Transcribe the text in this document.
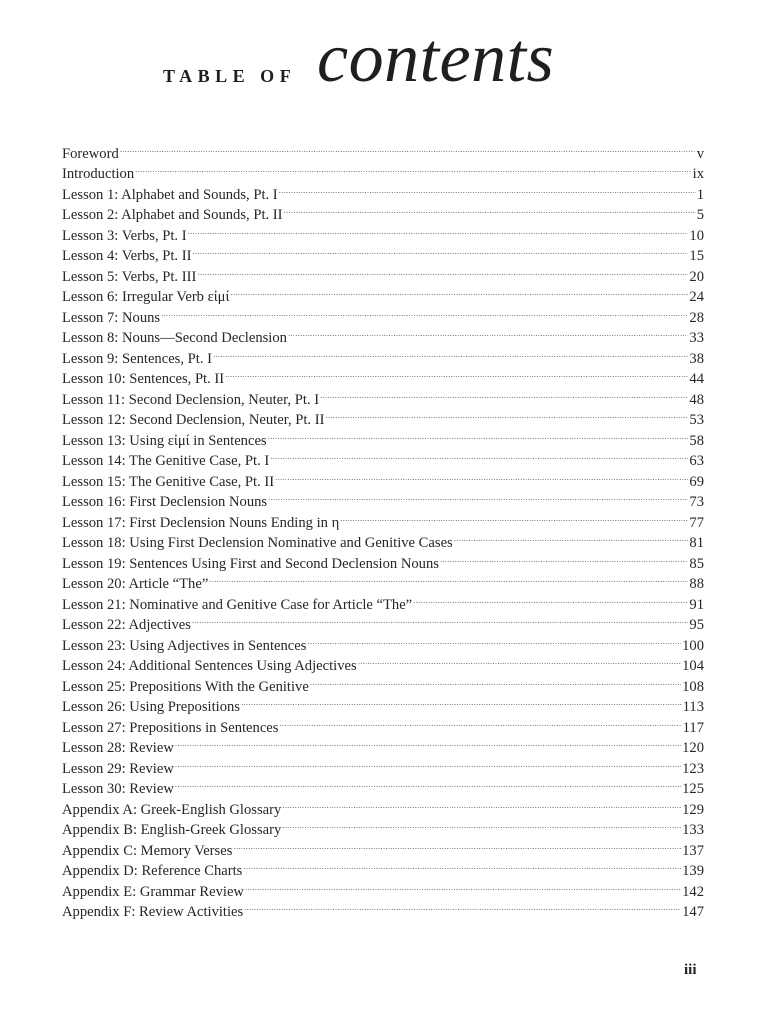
TABLE OF contents
Foreword .....	v
Introduction .....	ix
Lesson 1: Alphabet and Sounds, Pt. I .....	1
Lesson 2: Alphabet and Sounds, Pt. II .....	5
Lesson 3: Verbs, Pt. I .....	10
Lesson 4: Verbs, Pt. II .....	15
Lesson 5: Verbs, Pt. III .....	20
Lesson 6: Irregular Verb εἰμί .....	24
Lesson 7: Nouns .....	28
Lesson 8: Nouns—Second Declension .....	33
Lesson 9: Sentences, Pt. I .....	38
Lesson 10: Sentences, Pt. II .....	44
Lesson 11: Second Declension, Neuter, Pt. I .....	48
Lesson 12: Second Declension, Neuter, Pt. II .....	53
Lesson 13: Using εἰμί in Sentences .....	58
Lesson 14: The Genitive Case, Pt. I .....	63
Lesson 15: The Genitive Case, Pt. II .....	69
Lesson 16: First Declension Nouns .....	73
Lesson 17: First Declension Nouns Ending in η .....	77
Lesson 18: Using First Declension Nominative and Genitive Cases .....	81
Lesson 19: Sentences Using First and Second Declension Nouns .....	85
Lesson 20: Article “The” .....	88
Lesson 21: Nominative and Genitive Case for Article “The” .....	91
Lesson 22: Adjectives .....	95
Lesson 23: Using Adjectives in Sentences .....	100
Lesson 24: Additional Sentences Using Adjectives .....	104
Lesson 25: Prepositions With the Genitive .....	108
Lesson 26: Using Prepositions .....	113
Lesson 27: Prepositions in Sentences .....	117
Lesson 28: Review .....	120
Lesson 29: Review .....	123
Lesson 30: Review .....	125
Appendix A: Greek-English Glossary .....	129
Appendix B: English-Greek Glossary .....	133
Appendix C: Memory Verses .....	137
Appendix D: Reference Charts .....	139
Appendix E: Grammar Review .....	142
Appendix F: Review Activities .....	147
iii
